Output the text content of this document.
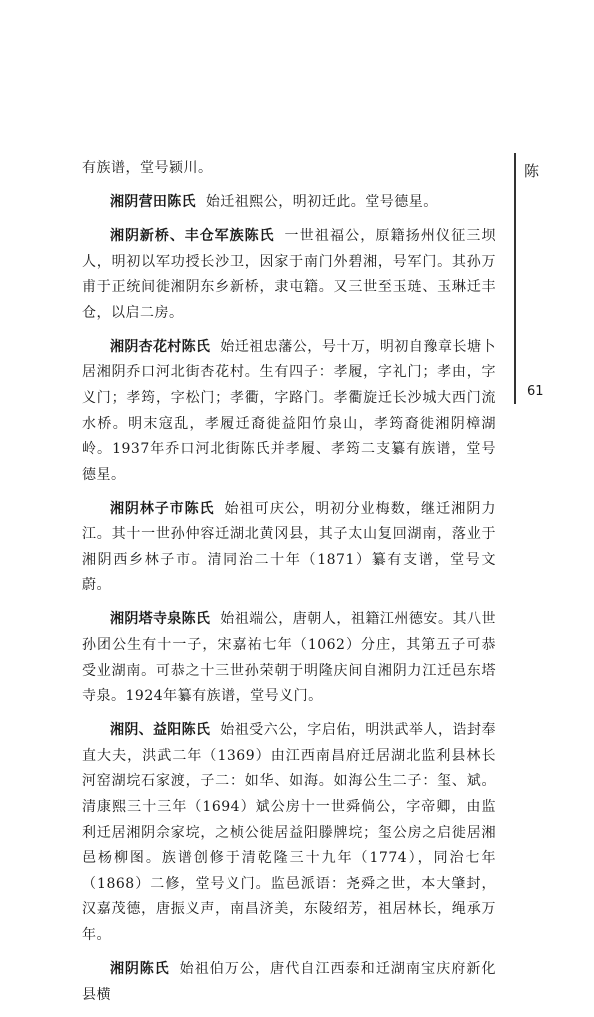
陈
61

有族谱，堂号颍川。

湘阴营田陈氏 始迁祖熙公，明初迁此。堂号德星。

湘阴新桥、丰仓军族陈氏 一世祖福公，原籍扬州仪征三坝人，明初以军功授长沙卫，因家于南门外碧湘，号军门。其孙万甫于正统间徙湘阴东乡新桥，隶屯籍。又三世至玉琏、玉琳迁丰仓，以启二房。

湘阴杏花村陈氏 始迁祖忠藩公，号十万，明初自豫章长塘卜居湘阴乔口河北街杏花村。生有四子：孝履，字礼门；孝由，字义门；孝筠，字松门；孝衢，字路门。孝衢旋迁长沙城大西门流水桥。明末寇乱，孝履迁裔徙益阳竹泉山，孝筠裔徙湘阴樟湖岭。1937年乔口河北街陈氏并孝履、孝筠二支纂有族谱，堂号德星。

湘阴林子市陈氏 始祖可庆公，明初分业梅数，继迁湘阴力江。其十一世孙仲容迁湖北黄冈县，其子太山复回湖南，落业于湘阴西乡林子市。清同治二十年（1871）纂有支谱，堂号文蔚。

湘阴塔寺泉陈氏 始祖端公，唐朝人，祖籍江州德安。其八世孙团公生有十一子，宋嘉祐七年（1062）分庄，其第五子可恭受业湖南。可恭之十三世孙荣朝于明隆庆间自湘阴力江迁邑东塔寺泉。1924年纂有族谱，堂号义门。

湘阴、益阳陈氏 始祖受六公，字启佑，明洪武举人，诰封奉直大夫，洪武二年（1369）由江西南昌府迁居湖北监利县林长河窑湖垸石家渡，子二：如华、如海。如海公生二子：玺、斌。清康熙三十三年（1694）斌公房十一世舜倘公，字帝卿，由监利迁居湘阴佘家垸，之桢公徙居益阳滕牌垸；玺公房之启徙居湘邑杨柳图。族谱创修于清乾隆三十九年（1774），同治七年（1868）二修，堂号义门。监邑派语：尧舜之世，本大肇封，汉嘉茂德，唐振义声，南昌济美，东陵绍芳，祖居林长，绳承万年。

湘阴陈氏 始祖伯万公，唐代自江西泰和迁湖南宝庆府新化县横
